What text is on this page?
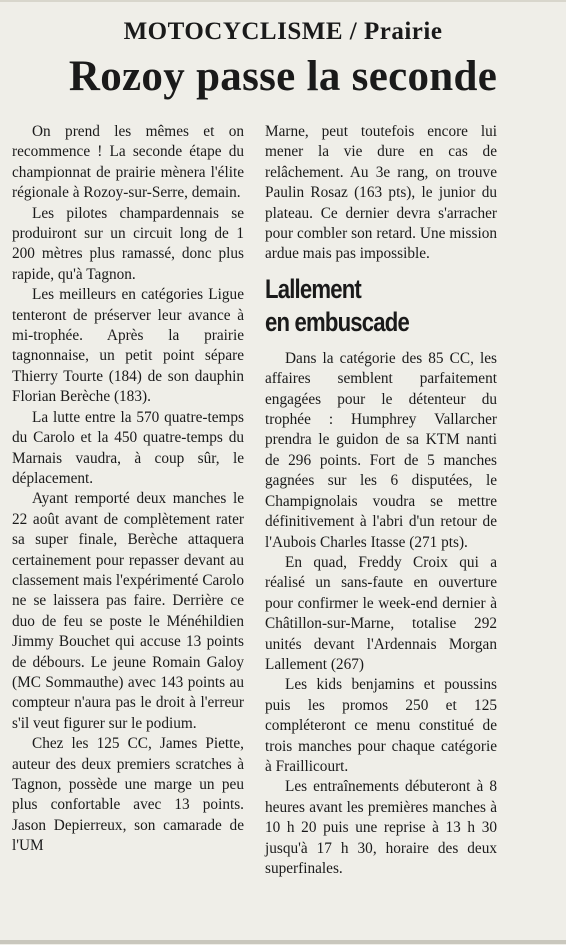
MOTOCYCLISME / Prairie
Rozoy passe la seconde

On prend les mêmes et on recommence ! La seconde étape du championnat de prairie mènera l'élite régionale à Rozoy-sur-Serre, demain.

Les pilotes champardennais se produiront sur un circuit long de 1 200 mètres plus ramassé, donc plus rapide, qu'à Tagnon.

Les meilleurs en catégories Ligue tenteront de préserver leur avance à mi-trophée. Après la prairie tagnonnaise, un petit point sépare Thierry Tourte (184) de son dauphin Florian Berèche (183).

La lutte entre la 570 quatre-temps du Carolo et la 450 quatre-temps du Marnais vaudra, à coup sûr, le déplacement.

Ayant remporté deux manches le 22 août avant de complètement rater sa super finale, Berèche attaquera certainement pour repasser devant au classement mais l'expérimenté Carolo ne se laissera pas faire. Derrière ce duo de feu se poste le Ménéhildien Jimmy Bouchet qui accuse 13 points de débours. Le jeune Romain Galoy (MC Sommauthe) avec 143 points au compteur n'aura pas le droit à l'erreur s'il veut figurer sur le podium.

Chez les 125 CC, James Piette, auteur des deux premiers scratches à Tagnon, possède une marge un peu plus confortable avec 13 points. Jason Depierreux, son camarade de l'UM

Marne, peut toutefois encore lui mener la vie dure en cas de relâchement. Au 3e rang, on trouve Paulin Rosaz (163 pts), le junior du plateau. Ce dernier devra s'arracher pour combler son retard. Une mission ardue mais pas impossible.

Lallement
en embuscade

Dans la catégorie des 85 CC, les affaires semblent parfaitement engagées pour le détenteur du trophée : Humphrey Vallarcher prendra le guidon de sa KTM nanti de 296 points. Fort de 5 manches gagnées sur les 6 disputées, le Champignolais voudra se mettre définitivement à l'abri d'un retour de l'Aubois Charles Itasse (271 pts).

En quad, Freddy Croix qui a réalisé un sans-faute en ouverture pour confirmer le week-end dernier à Châtillon-sur-Marne, totalise 292 unités devant l'Ardennais Morgan Lallement (267)

Les kids benjamins et poussins puis les promos 250 et 125 compléteront ce menu constitué de trois manches pour chaque catégorie à Fraillicourt.

Les entraînements débuteront à 8 heures avant les premières manches à 10 h 20 puis une reprise à 13 h 30 jusqu'à 17 h 30, horaire des deux superfinales.
